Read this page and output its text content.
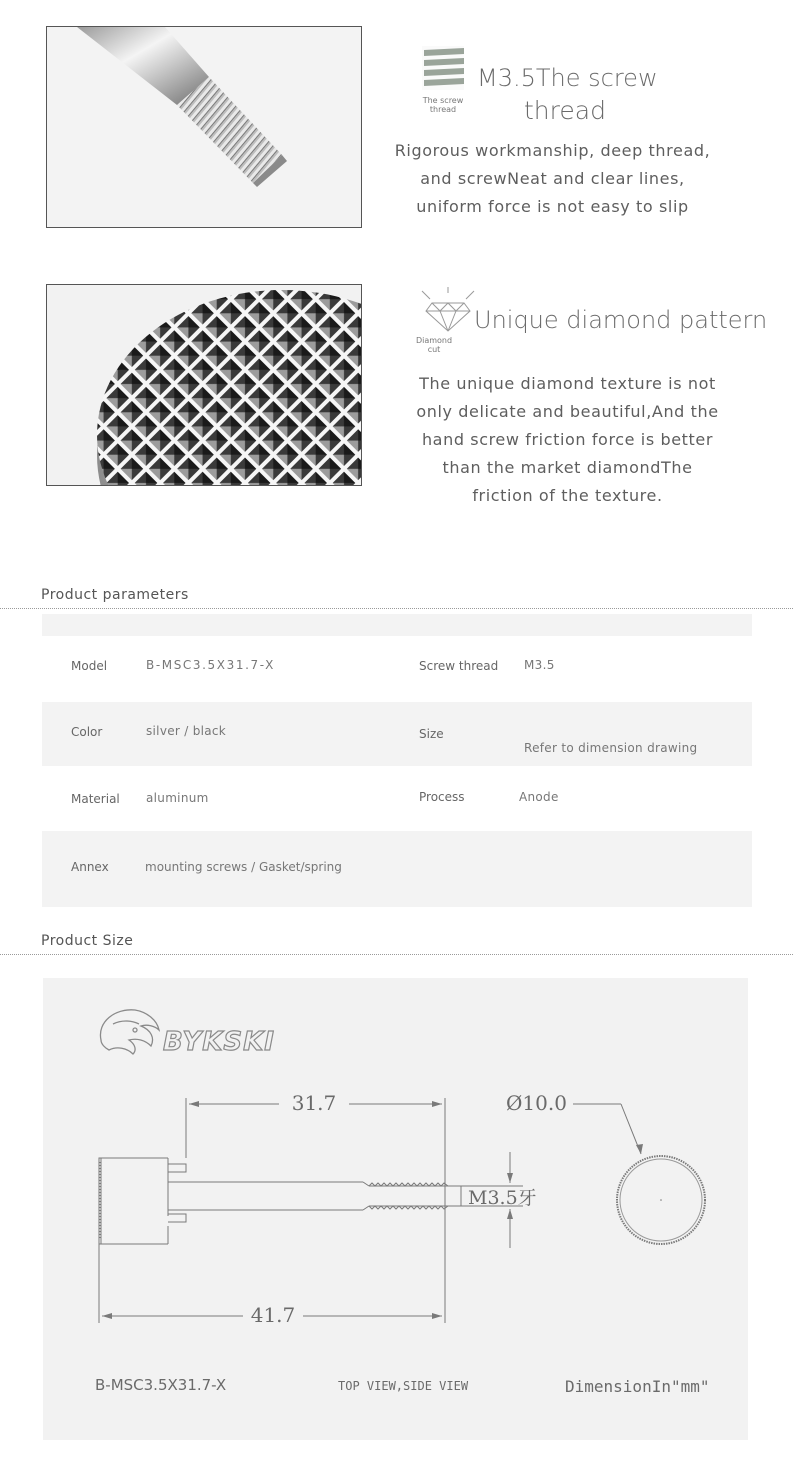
The screw thread
M3.5The screw
thread
Rigorous workmanship, deep thread,
and screwNeat and clear lines,
uniform force is not easy to slip
Diamond cut
Unique diamond pattern
The unique diamond texture is not
only delicate and beautiful,And the
hand screw friction force is better
than the market diamondThe
friction of the texture.
Product parameters
Model	B-MSC3.5X31.7-X	Screw thread M3.5
Color	silver / black	Size
Refer to dimension drawing
Material aluminum	Process	Anode
Annex	mounting screws / Gasket/spring
Product Size
BYKSKI
31.7
41.7
Ø10.0
M3.5牙
B-MSC3.5X31.7-X	TOP VIEW,SIDE VIEW	DimensionIn"mm"
